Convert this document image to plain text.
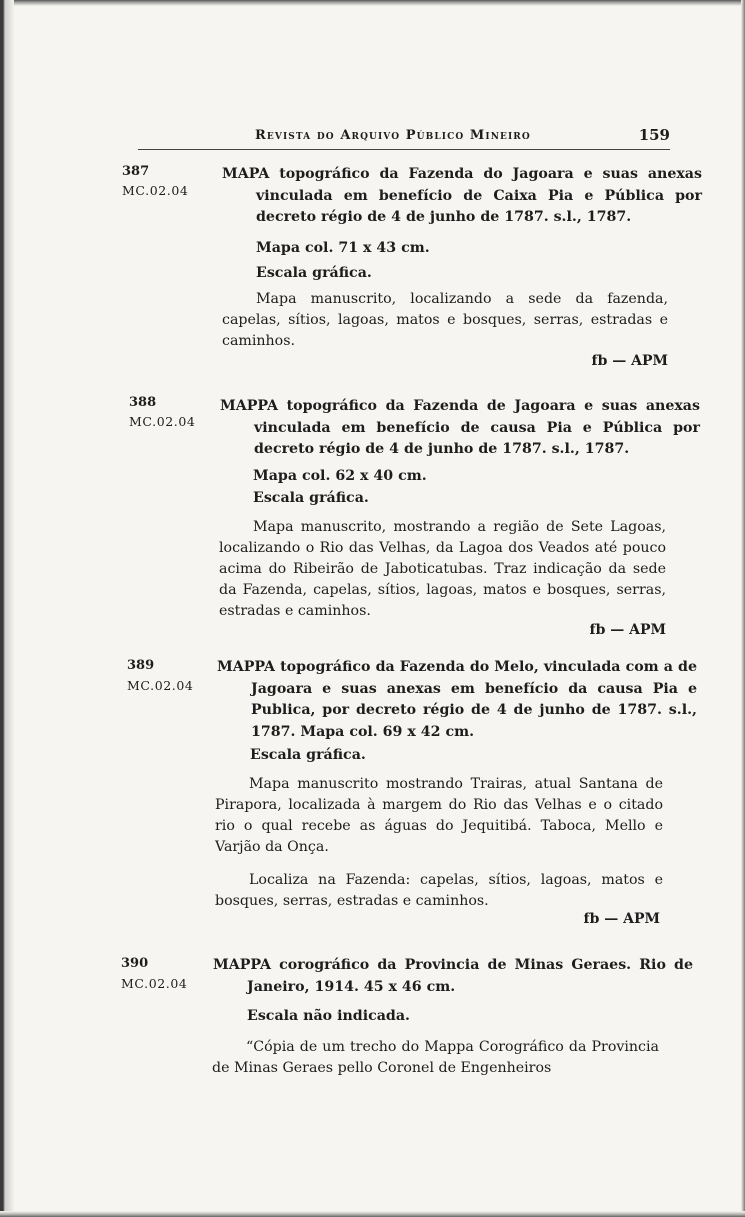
Revista do Arquivo Público Mineiro	159
387
MC.02.04
MAPA topográfico da Fazenda do Jagoara e suas anexas vinculada em benefício de Caixa Pia e Pública por decreto régio de 4 de junho de 1787. s.l., 1787.
Mapa col. 71 x 43 cm.
Escala gráfica.
Mapa manuscrito, localizando a sede da fazenda, capelas, sítios, lagoas, matos e bosques, serras, estradas e caminhos.
fb — APM
388
MC.02.04
MAPPA topográfico da Fazenda de Jagoara e suas anexas vinculada em benefício de causa Pia e Pública por decreto régio de 4 de junho de 1787. s.l., 1787.
Mapa col. 62 x 40 cm.
Escala gráfica.
Mapa manuscrito, mostrando a região de Sete Lagoas, localizando o Rio das Velhas, da Lagoa dos Veados até pouco acima do Ribeirão de Jaboticatubas. Traz indicação da sede da Fazenda, capelas, sítios, lagoas, matos e bosques, serras, estradas e caminhos.
fb — APM
389
MC.02.04
MAPPA topográfico da Fazenda do Melo, vinculada com a de Jagoara e suas anexas em benefício da causa Pia e Publica, por decreto régio de 4 de junho de 1787. s.l., 1787. Mapa col. 69 x 42 cm.
Escala gráfica.
Mapa manuscrito mostrando Trairas, atual Santana de Pirapora, localizada à margem do Rio das Velhas e o citado rio o qual recebe as águas do Jequitibá. Taboca, Mello e Varjão da Onça.
Localiza na Fazenda: capelas, sítios, lagoas, matos e bosques, serras, estradas e caminhos.
fb — APM
390
MC.02.04
MAPPA corográfico da Provincia de Minas Geraes. Rio de Janeiro, 1914. 45 x 46 cm.
Escala não indicada.
“Cópia de um trecho do Mappa Corográfico da Provincia de Minas Geraes pello Coronel de Engenheiros
